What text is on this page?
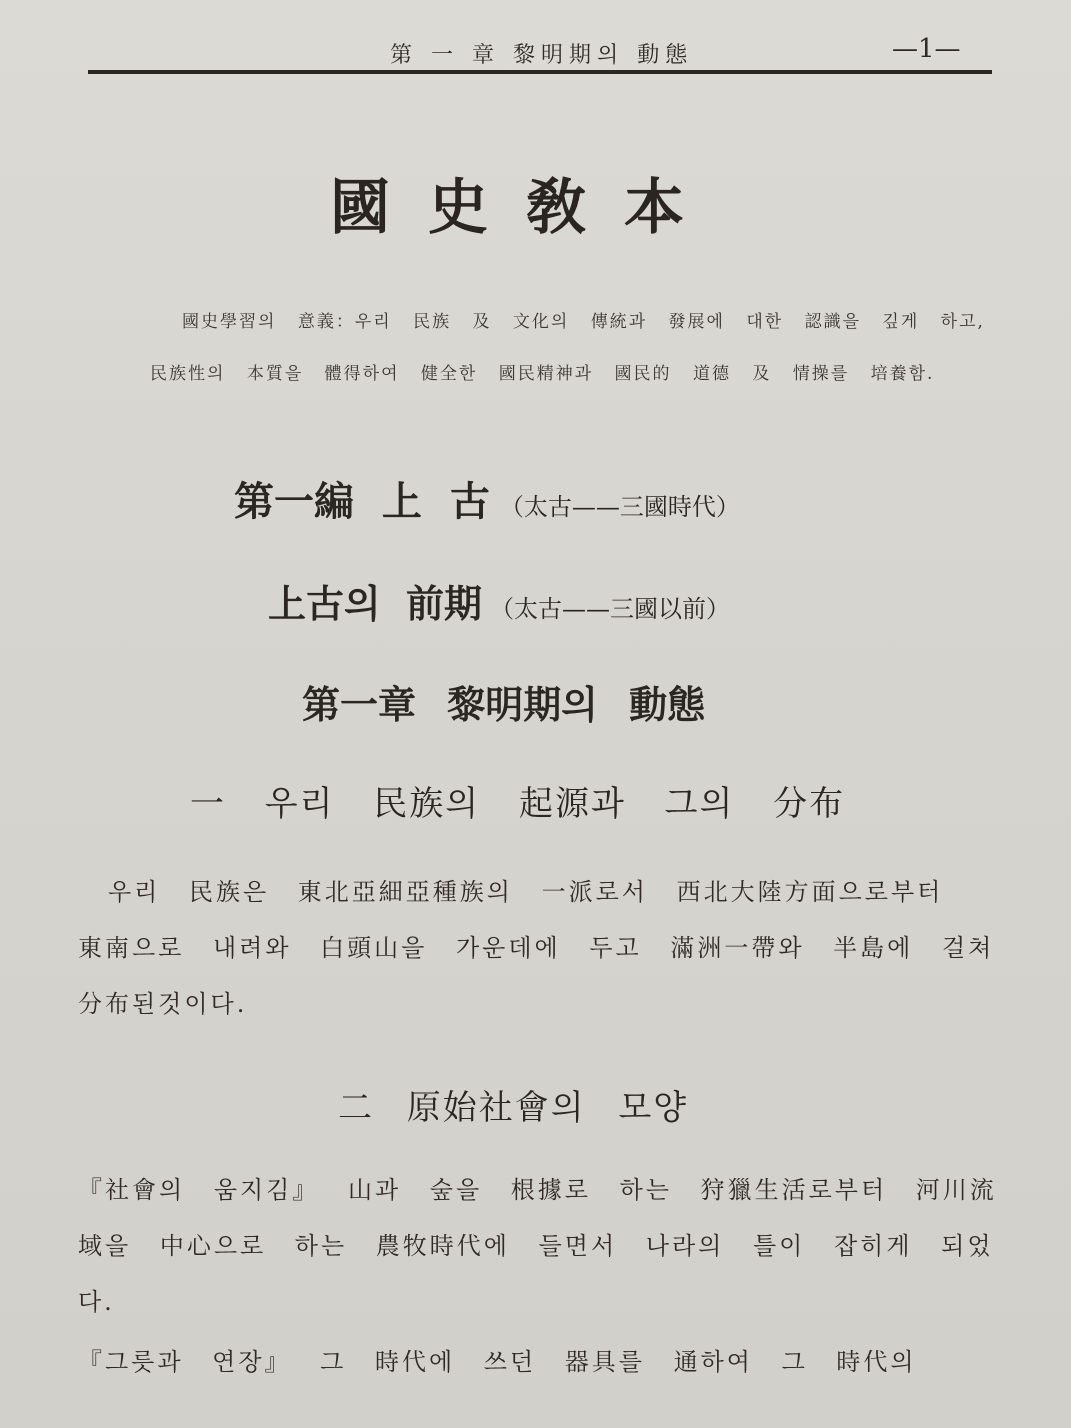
第 一 章 黎明期의 動態	—1—
國史敎本
國史學習의 意義：우리 民族 及 文化의 傳統과 發展에 대한 認識을 깊게 하고, 民族性의 本質을 體得하여 健全한 國民精神과 國民的 道德 及 情操를 培養함.
第一編 上 古 （太古——三國時代）
上古의 前期 （太古——三國以前）
第一章 黎明期의 動態
一 우리 民族의 起源과 그의 分布
우리 民族은 東北亞細亞種族의 一派로서 西北大陸方面으로부터 東南으로 내려와 白頭山을 가운데에 두고 滿洲一帶와 半島에 걸쳐 分布된것이다.
二 原始社會의 모양
『社會의 움지김』 山과 숲을 根據로 하는 狩獵生活로부터 河川流域을 中心으로 하는 農牧時代에 들면서 나라의 틀이 잡히게 되었다.
『그릇과 연장』 그 時代에 쓰던 器具를 通하여 그 時代의
